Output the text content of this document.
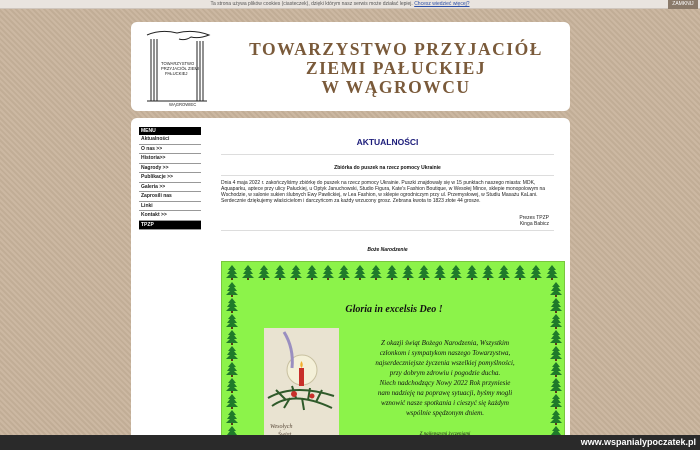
Ta strona używa plików cookies (ciasteczek), dzięki którym nasz serwis może działać lepiej. Chcesz wiedzieć więcej?	ZAMKNIJ
TOWARZYSTWO
PRZYJACIÓŁ ZIEMI
PAŁUCKIEJ
WĄGROWIEC
TOWARZYSTWO PRZYJACIÓŁ
ZIEMI PAŁUCKIEJ
W WĄGROWCU
MENU
Aktualności
O nas >>
Historia>>
Nagrody >>
Publikacje >>
Galeria >>
Zaprosili nas
Linki
Kontakt >>
TPZP
AKTUALNOŚCI
Zbiórka do puszek na rzecz pomocy Ukrainie
Dnia 4 maja 2022 r. zakończyliśmy zbiórkę do puszek na rzecz pomocy Ukrainie. Puszki znajdowały się w 15 punktach naszego miasta: MDK, Aquaparku, aptece przy ulicy Pałuckiej, u Optyk Januchowski, Studio Figura, Kate's Fashion Boutique, w Wesołej Mince, sklepie monopolowym na Wschodzie, w salonie sukien ślubnych Ewy Pawlickiej, w Lea Fashion, w sklepie ogrodniczym przy ul. Przemysłowej, w Studiu Masażu KaLani. Serdecznie dziękujemy właścicielom i darczyńcom za każdy wrzucony grosz. Zebrana kwota to 1823 złote 44 grosze.
Prezes TPZP
Kinga Babicz
Boże Narodzenie
Gloria in excelsis Deo !
Wesołych
Z okazji świąt Bożego Narodzenia, Wszystkim
członkom i sympatykom naszego Towarzystwa,
najserdeczniejsze życzenia wszelkiej pomyślności,
przy dobrym zdrowiu i pogodzie ducha.
Niech nadchodzący Nowy 2022 Rok przyniesie
nam nadzieję na poprawę sytuacji, byśmy mogli
wznowić nasze spotkania i cieszyć się każdym
wspólnie spędzonym dniem.
www.wspanialypoczatek.pl
